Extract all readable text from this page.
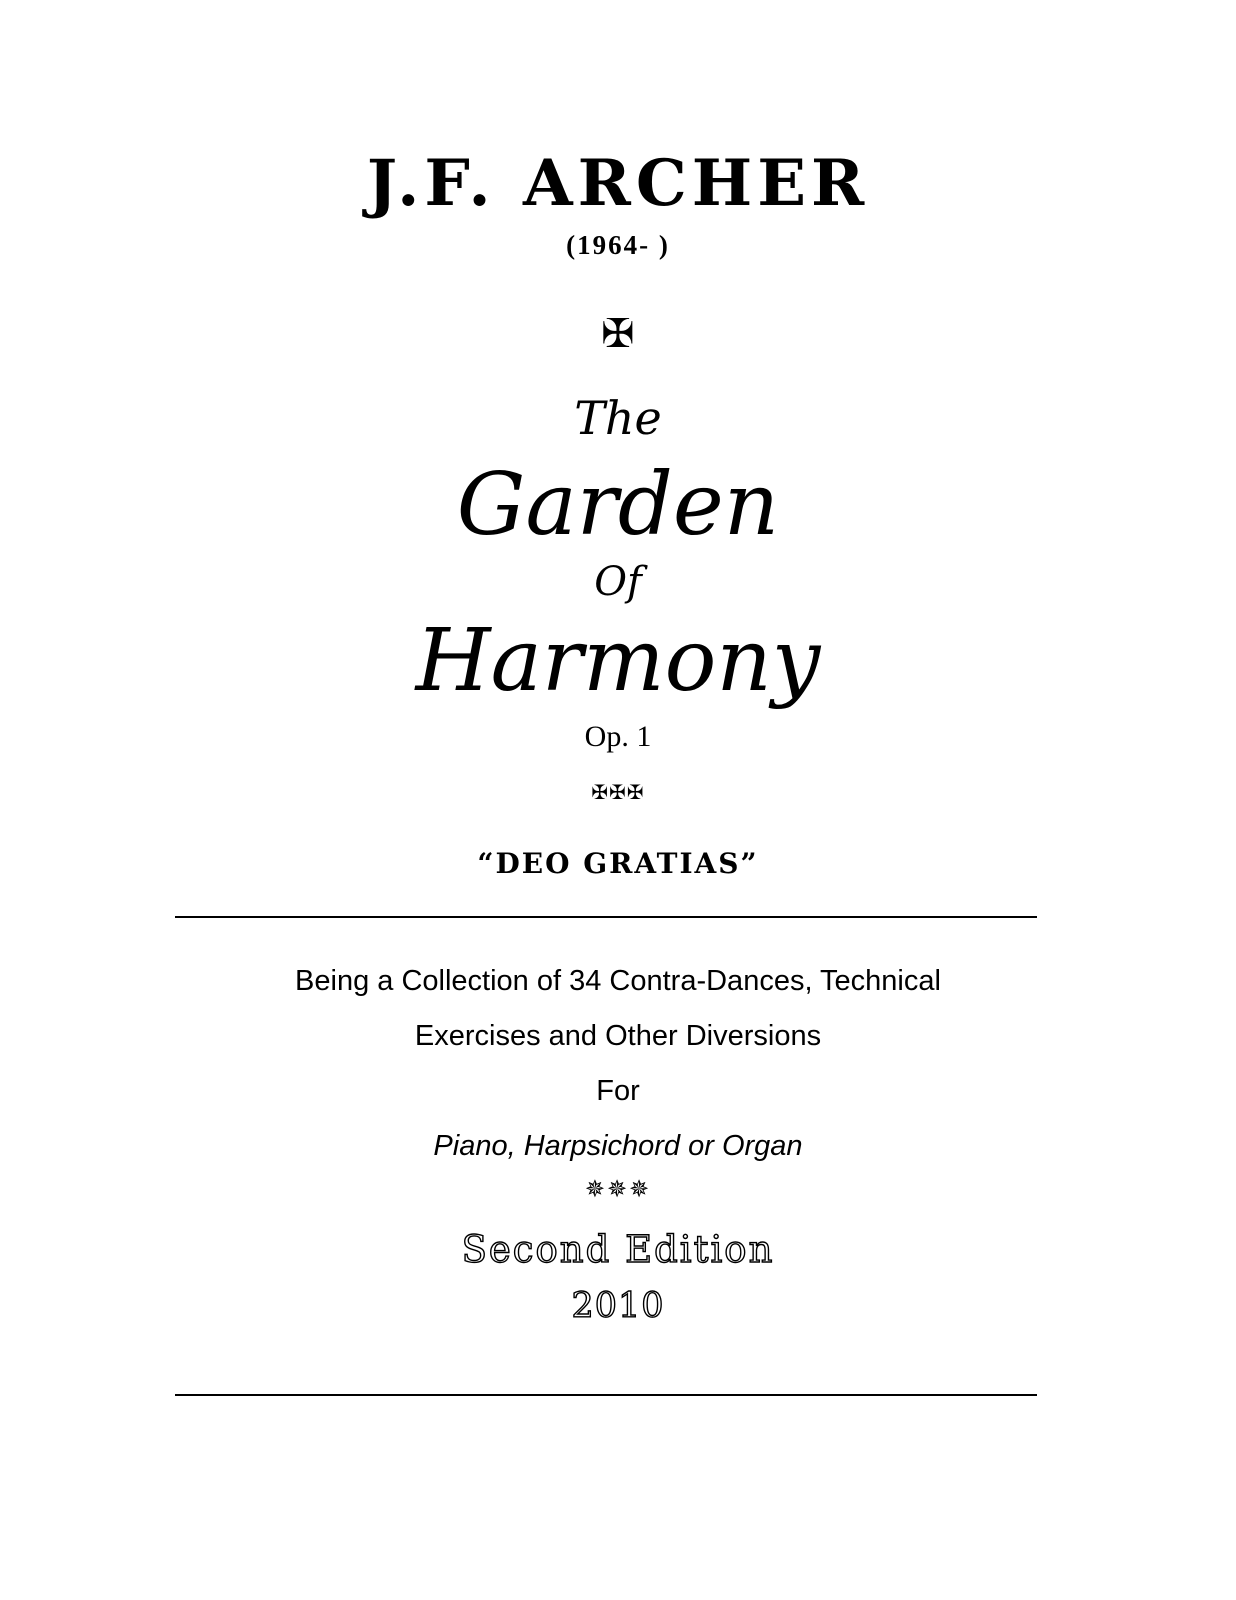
J.F. ARCHER
(1964- )
✠
The
Garden
Of
Harmony
Op. 1
✠✠✠
“DEO GRATIAS”
Being a Collection of 34 Contra-Dances, Technical
Exercises and Other Diversions
For
Piano, Harpsichord or Organ
✵✵✵
Second Edition
2010
